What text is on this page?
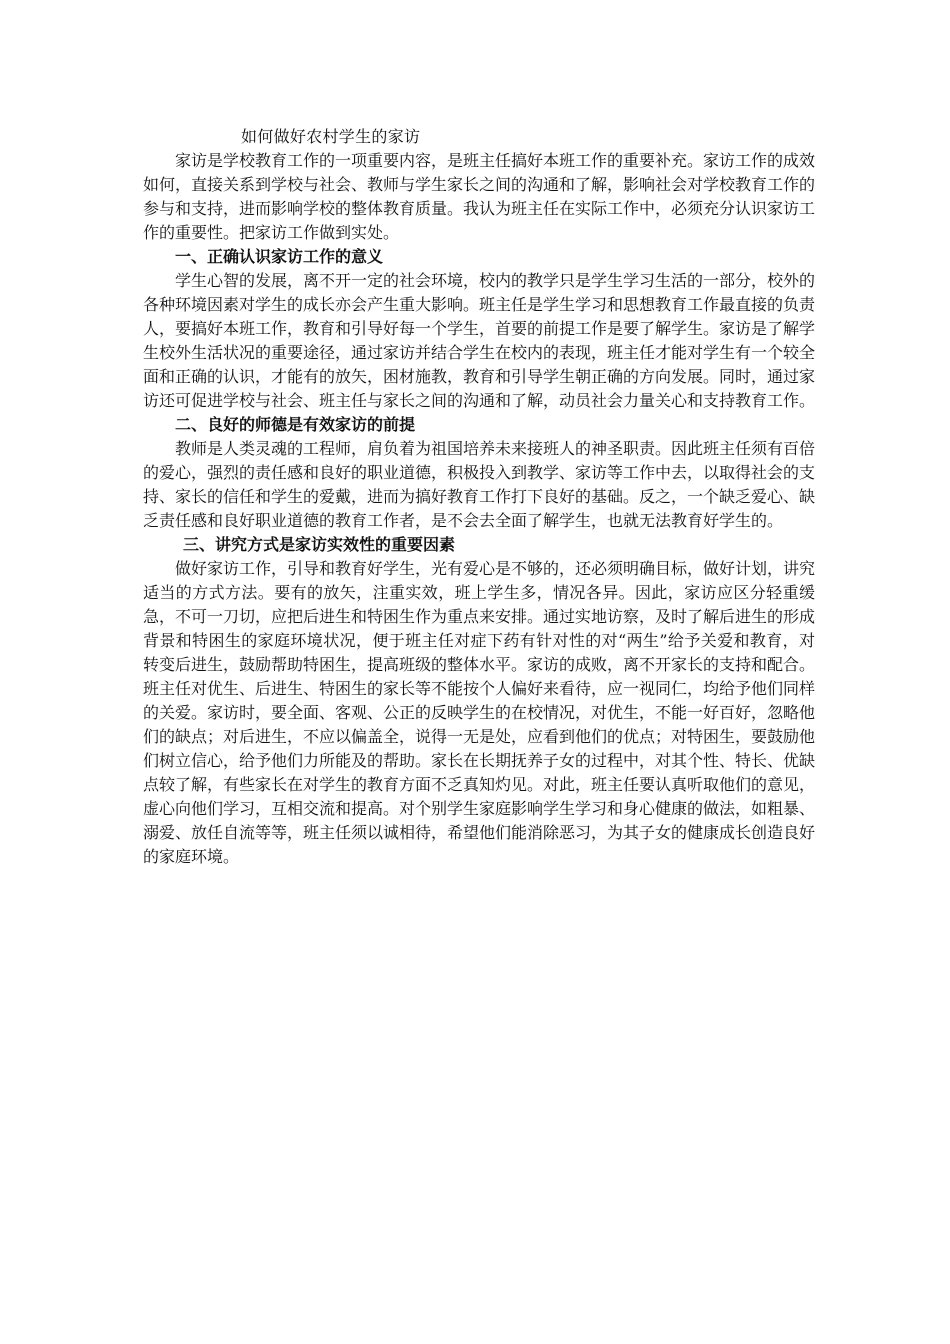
如何做好农村学生的家访

家访是学校教育工作的一项重要内容，是班主任搞好本班工作的重要补充。家访工作的成效如何，直接关系到学校与社会、教师与学生家长之间的沟通和了解，影响社会对学校教育工作的参与和支持，进而影响学校的整体教育质量。我认为班主任在实际工作中，必须充分认识家访工作的重要性。把家访工作做到实处。

一、正确认识家访工作的意义

学生心智的发展，离不开一定的社会环境，校内的教学只是学生学习生活的一部分，校外的各种环境因素对学生的成长亦会产生重大影响。班主任是学生学习和思想教育工作最直接的负责人，要搞好本班工作，教育和引导好每一个学生，首要的前提工作是要了解学生。家访是了解学生校外生活状况的重要途径，通过家访并结合学生在校内的表现，班主任才能对学生有一个较全面和正确的认识，才能有的放矢，困材施教，教育和引导学生朝正确的方向发展。同时，通过家访还可促进学校与社会、班主任与家长之间的沟通和了解，动员社会力量关心和支持教育工作。

二、良好的师德是有效家访的前提

教师是人类灵魂的工程师，肩负着为祖国培养未来接班人的神圣职责。因此班主任须有百倍的爱心，强烈的责任感和良好的职业道德，积极投入到教学、家访等工作中去，以取得社会的支持、家长的信任和学生的爱戴，进而为搞好教育工作打下良好的基础。反之，一个缺乏爱心、缺乏责任感和良好职业道德的教育工作者，是不会去全面了解学生，也就无法教育好学生的。

三、讲究方式是家访实效性的重要因素

做好家访工作，引导和教育好学生，光有爱心是不够的，还必须明确目标，做好计划，讲究适当的方式方法。要有的放矢，注重实效，班上学生多，情况各异。因此，家访应区分轻重缓急，不可一刀切，应把后进生和特困生作为重点来安排。通过实地访察，及时了解后进生的形成背景和特困生的家庭环境状况，便于班主任对症下药有针对性的对“两生”给予关爱和教育，对转变后进生，鼓励帮助特困生，提高班级的整体水平。家访的成败，离不开家长的支持和配合。班主任对优生、后进生、特困生的家长等不能按个人偏好来看待，应一视同仁，均给予他们同样的关爱。家访时，要全面、客观、公正的反映学生的在校情况，对优生，不能一好百好，忽略他们的缺点；对后进生，不应以偏盖全，说得一无是处，应看到他们的优点；对特困生，要鼓励他们树立信心，给予他们力所能及的帮助。家长在长期抚养子女的过程中，对其个性、特长、优缺点较了解，有些家长在对学生的教育方面不乏真知灼见。对此，班主任要认真听取他们的意见，虚心向他们学习，互相交流和提高。对个别学生家庭影响学生学习和身心健康的做法，如粗暴、溺爱、放任自流等等，班主任须以诚相待，希望他们能消除恶习，为其子女的健康成长创造良好的家庭环境。
